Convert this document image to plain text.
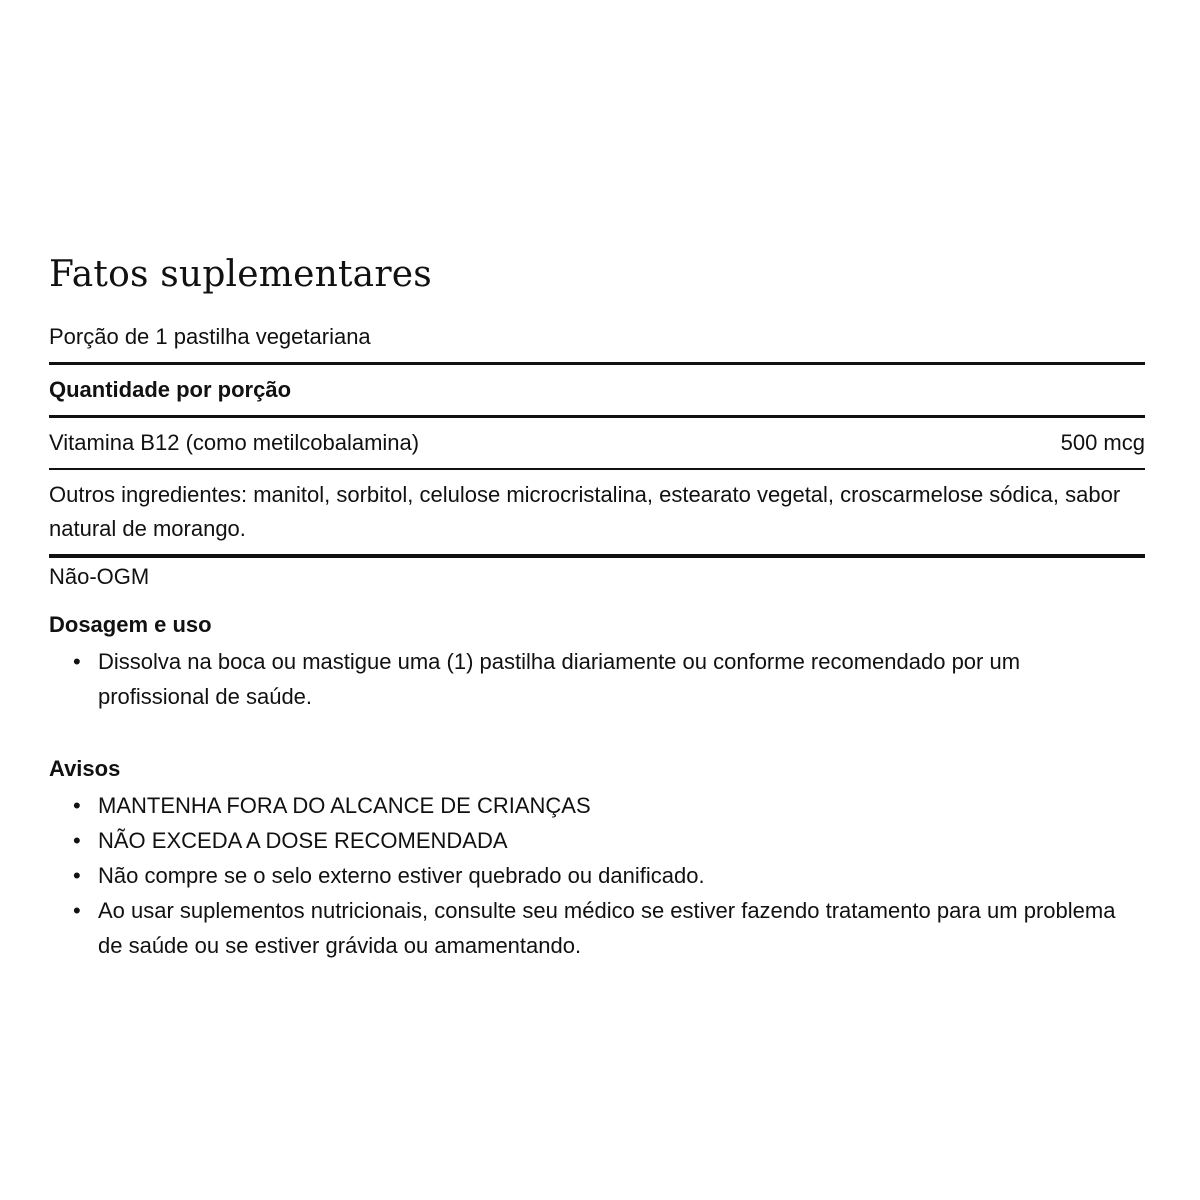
Fatos suplementares
Porção de 1 pastilha vegetariana
Quantidade por porção
Vitamina B12 (como metilcobalamina)	500 mcg
Outros ingredientes: manitol, sorbitol, celulose microcristalina, estearato vegetal, croscarmelose sódica, sabor natural de morango.
Não-OGM
Dosagem e uso
• Dissolva na boca ou mastigue uma (1) pastilha diariamente ou conforme recomendado por um profissional de saúde.
Avisos
• MANTENHA FORA DO ALCANCE DE CRIANÇAS
• NÃO EXCEDA A DOSE RECOMENDADA
• Não compre se o selo externo estiver quebrado ou danificado.
• Ao usar suplementos nutricionais, consulte seu médico se estiver fazendo tratamento para um problema de saúde ou se estiver grávida ou amamentando.
